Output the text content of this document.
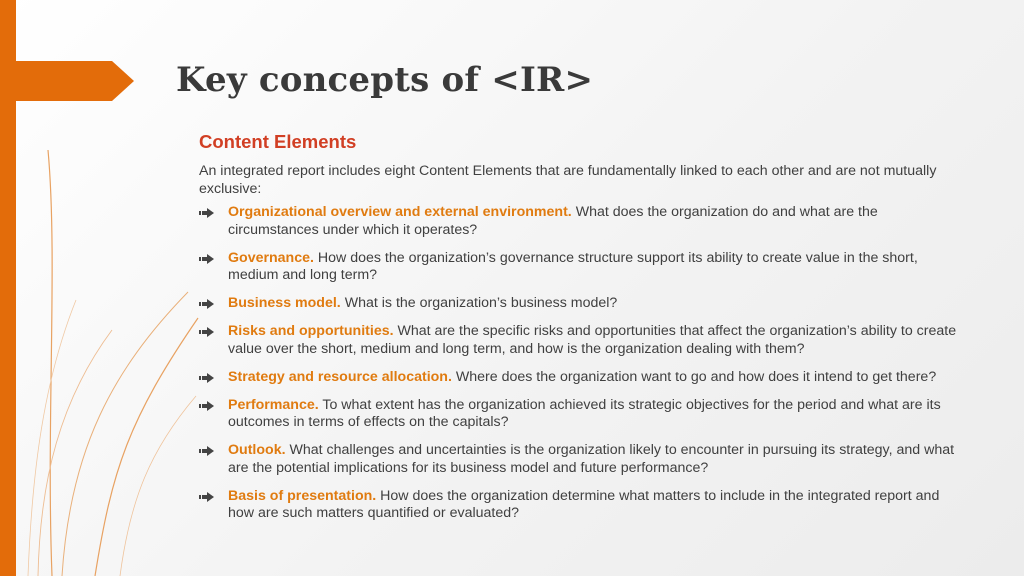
Key concepts of <IR>
Content Elements

An integrated report includes eight Content Elements that are fundamentally linked to each other and are not mutually exclusive:

Organizational overview and external environment. What does the organization do and what are the circumstances under which it operates?
Governance. How does the organization’s governance structure support its ability to create value in the short, medium and long term?
Business model. What is the organization’s business model?
Risks and opportunities. What are the specific risks and opportunities that affect the organization’s ability to create value over the short, medium and long term, and how is the organization dealing with them?
Strategy and resource allocation. Where does the organization want to go and how does it intend to get there?
Performance. To what extent has the organization achieved its strategic objectives for the period and what are its outcomes in terms of effects on the capitals?
Outlook. What challenges and uncertainties is the organization likely to encounter in pursuing its strategy, and what are the potential implications for its business model and future performance?
Basis of presentation. How does the organization determine what matters to include in the integrated report and how are such matters quantified or evaluated?
